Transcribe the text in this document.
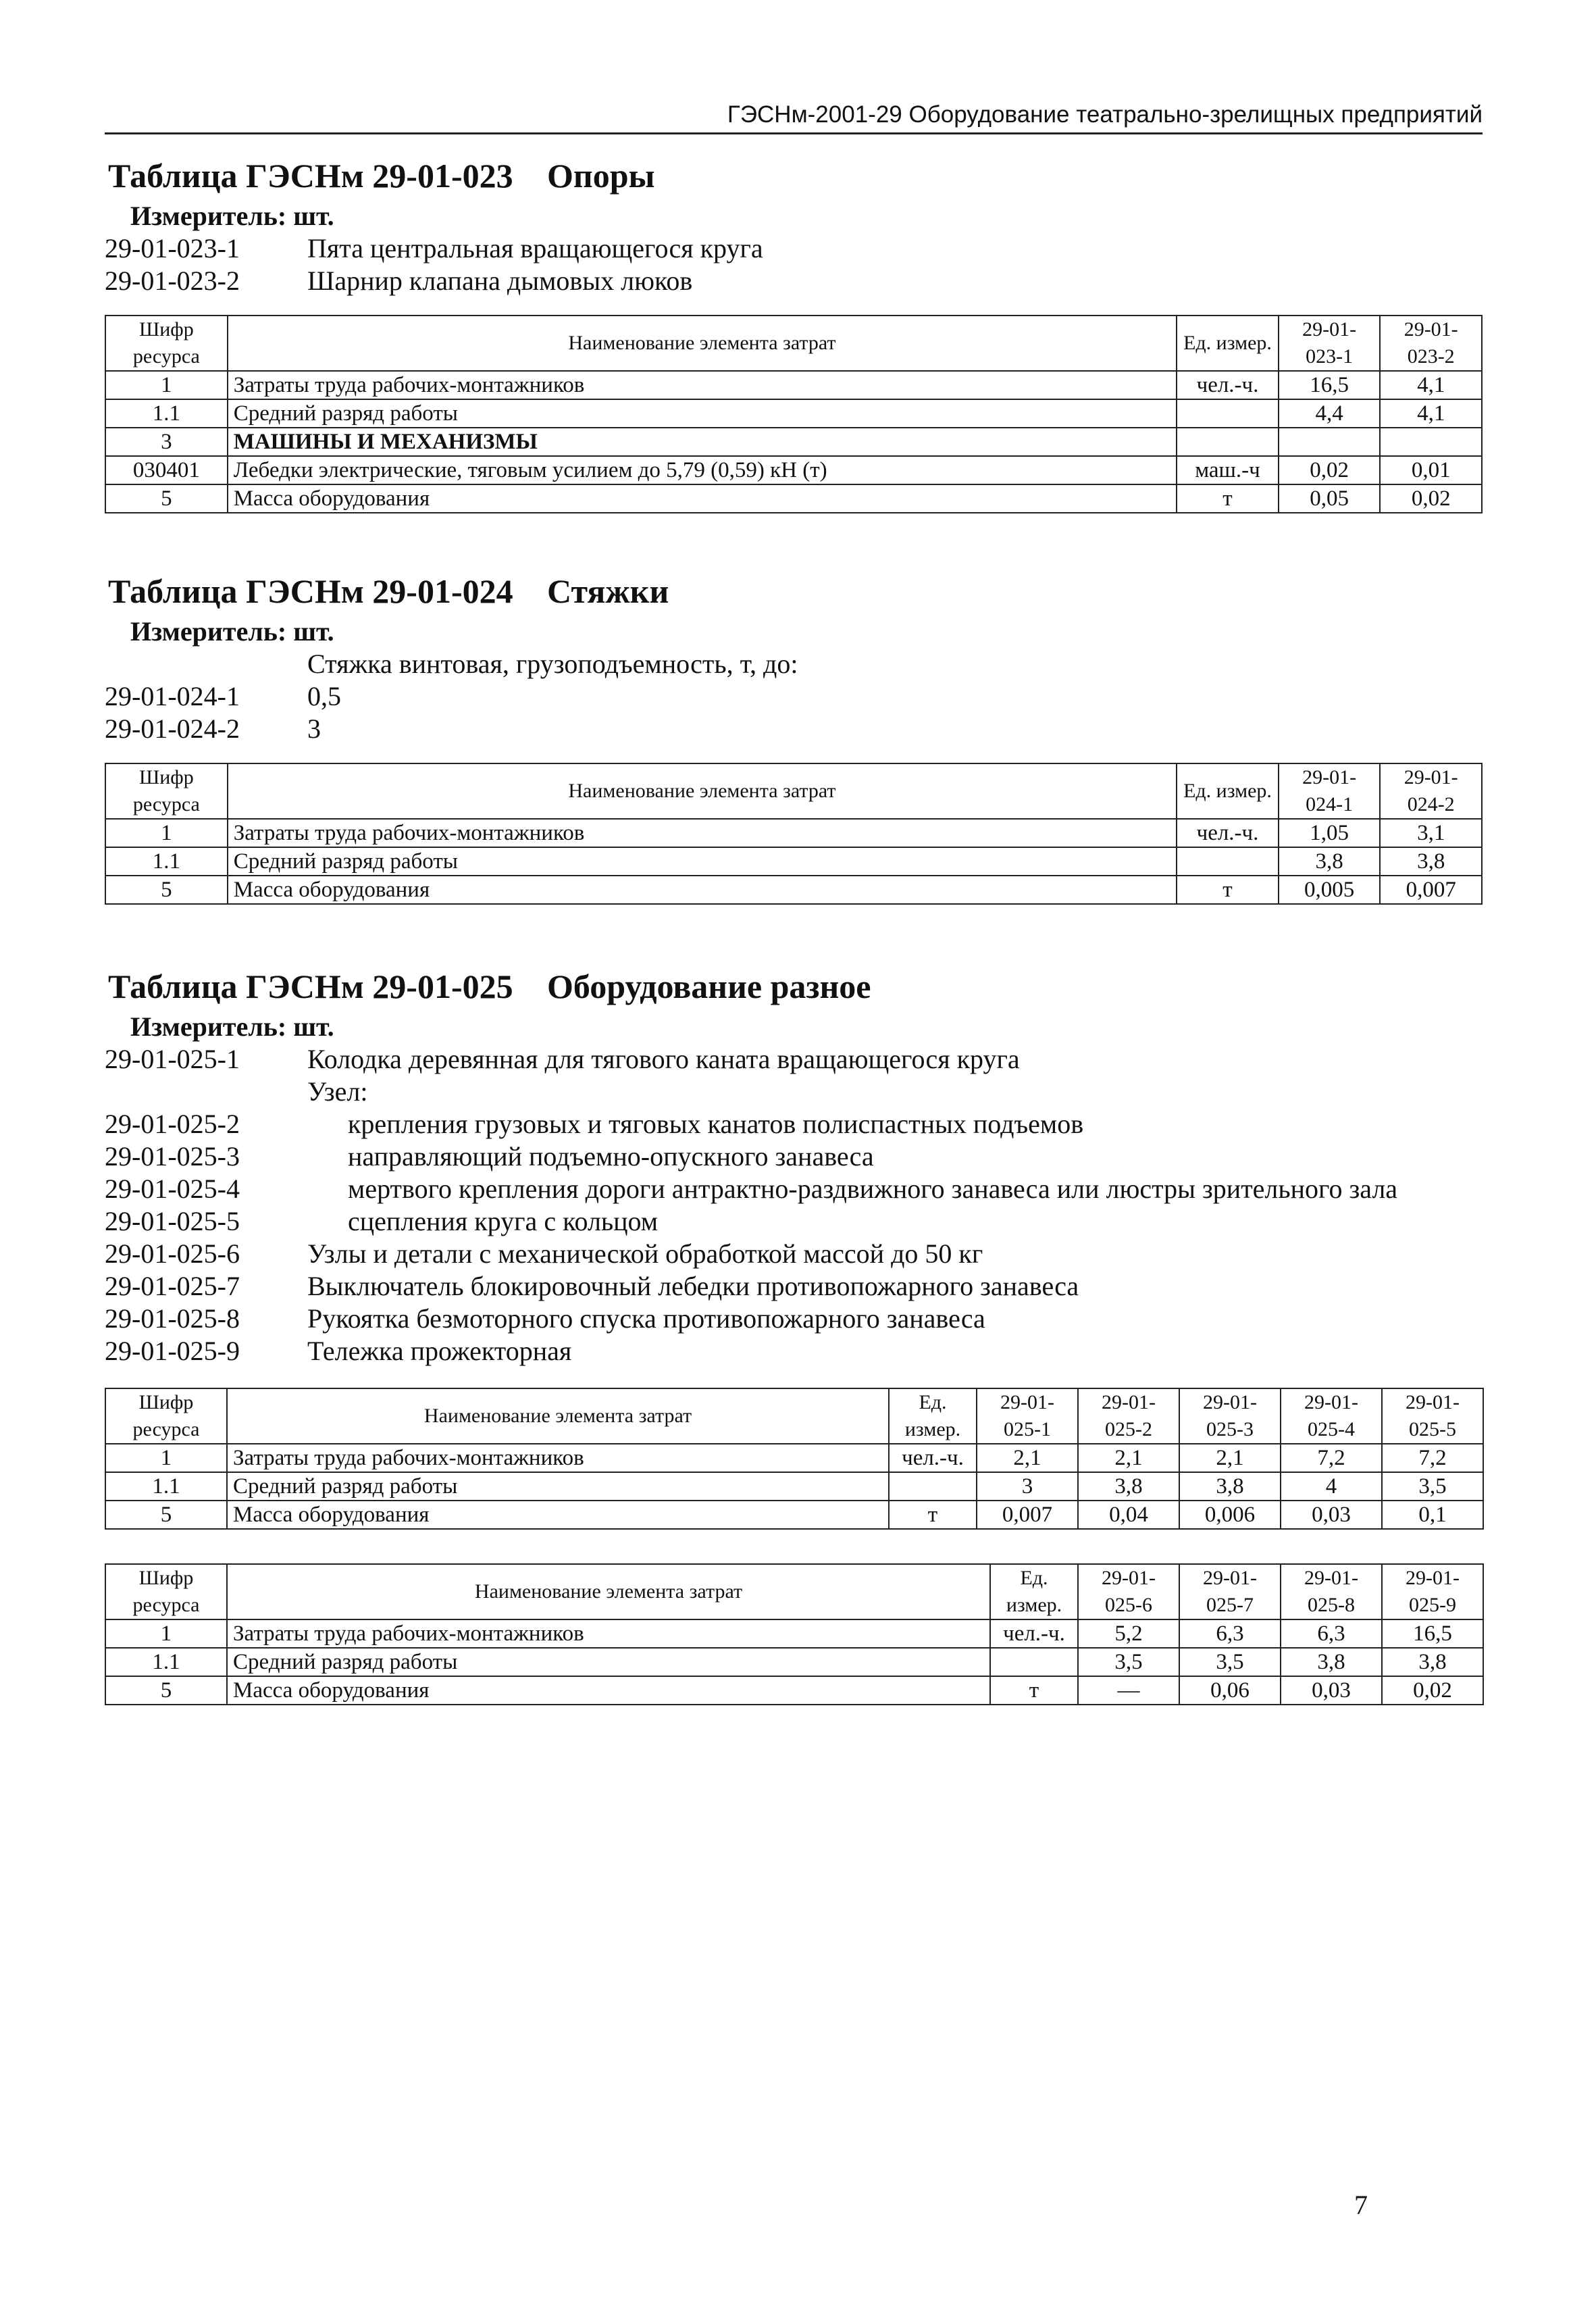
ГЭСНм-2001-29 Оборудование театрально-зрелищных предприятий
Таблица ГЭСНм 29-01-023 Опоры
Измеритель: шт.
29-01-023-1	Пята центральная вращающегося круга
29-01-023-2	Шарнир клапана дымовых люков
Шифр ресурса	Наименование элемента затрат	Ед. измер.	29-01-023-1	29-01-023-2
1	Затраты труда рабочих-монтажников	чел.-ч.	16,5	4,1
1.1	Средний разряд работы		4,4	4,1
3	МАШИНЫ И МЕХАНИЗМЫ			
030401	Лебедки электрические, тяговым усилием до 5,79 (0,59) кН (т)	маш.-ч	0,02	0,01
5	Масса оборудования	т	0,05	0,02
Таблица ГЭСНм 29-01-024 Стяжки
Измеритель: шт.
Стяжка винтовая, грузоподъемность, т, до:
29-01-024-1	0,5
29-01-024-2	3
Шифр ресурса	Наименование элемента затрат	Ед. измер.	29-01-024-1	29-01-024-2
1	Затраты труда рабочих-монтажников	чел.-ч.	1,05	3,1
1.1	Средний разряд работы		3,8	3,8
5	Масса оборудования	т	0,005	0,007
Таблица ГЭСНм 29-01-025 Оборудование разное
Измеритель: шт.
29-01-025-1	Колодка деревянная для тягового каната вращающегося круга
Узел:
29-01-025-2	крепления грузовых и тяговых канатов полиспастных подъемов
29-01-025-3	направляющий подъемно-опускного занавеса
29-01-025-4	мертвого крепления дороги антрактно-раздвижного занавеса или люстры зрительного зала
29-01-025-5	сцепления круга с кольцом
29-01-025-6	Узлы и детали с механической обработкой массой до 50 кг
29-01-025-7	Выключатель блокировочный лебедки противопожарного занавеса
29-01-025-8	Рукоятка безмоторного спуска противопожарного занавеса
29-01-025-9	Тележка прожекторная
Шифр ресурса	Наименование элемента затрат	Ед. измер.	29-01-025-1	29-01-025-2	29-01-025-3	29-01-025-4	29-01-025-5
1	Затраты труда рабочих-монтажников	чел.-ч.	2,1	2,1	2,1	7,2	7,2
1.1	Средний разряд работы		3	3,8	3,8	4	3,5
5	Масса оборудования	т	0,007	0,04	0,006	0,03	0,1
Шифр ресурса	Наименование элемента затрат	Ед. измер.	29-01-025-6	29-01-025-7	29-01-025-8	29-01-025-9
1	Затраты труда рабочих-монтажников	чел.-ч.	5,2	6,3	6,3	16,5
1.1	Средний разряд работы		3,5	3,5	3,8	3,8
5	Масса оборудования	т	—	0,06	0,03	0,02
7
